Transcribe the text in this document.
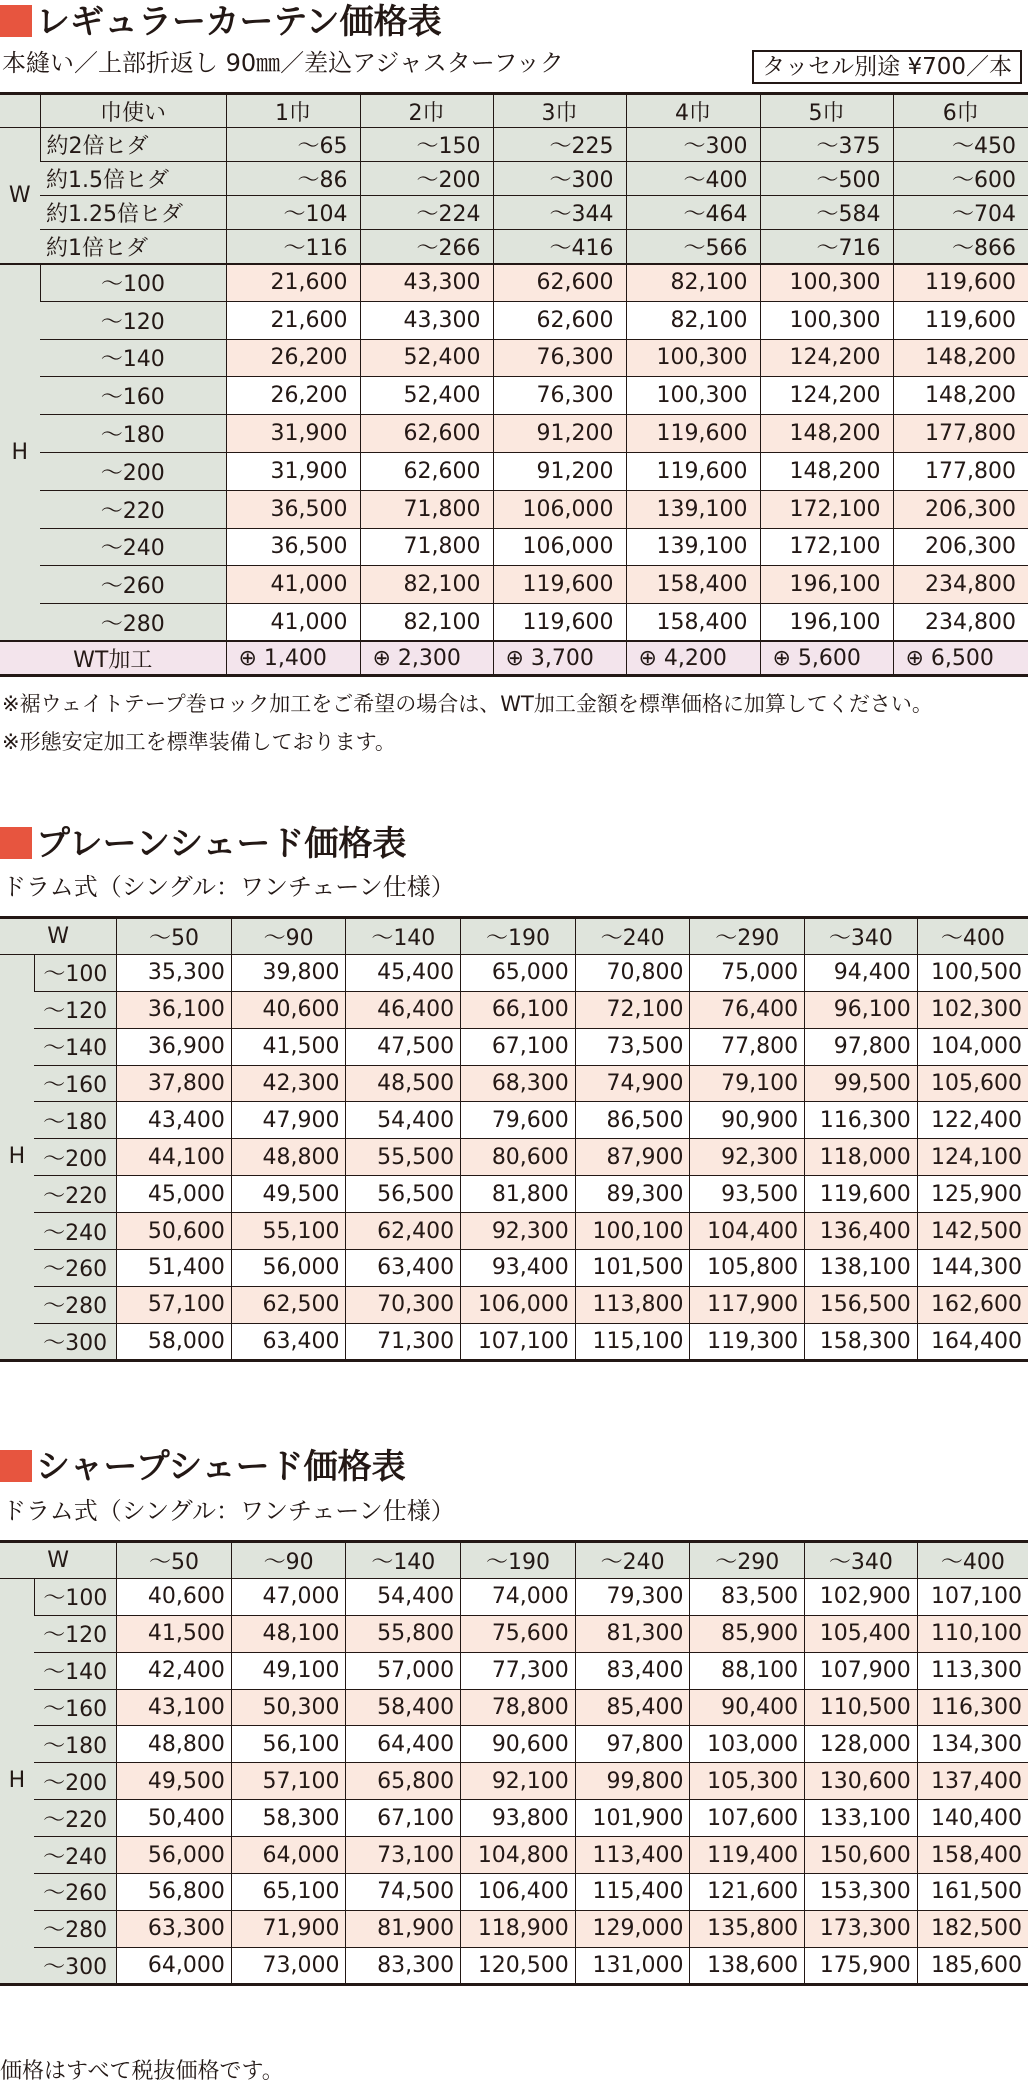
レギュラーカーテン価格表
本縫い／上部折返し 90㎜／差込アジャスターフック	タッセル別途 ¥700／本
	巾使い	1巾	2巾	3巾	4巾	5巾	6巾
W	約2倍ヒダ	～65	～150	～225	～300	～375	～450
	約1.5倍ヒダ	～86	～200	～300	～400	～500	～600
	約1.25倍ヒダ	～104	～224	～344	～464	～584	～704
	約1倍ヒダ	～116	～266	～416	～566	～716	～866
H	～100	21,600	43,300	62,600	82,100	100,300	119,600
	～120	21,600	43,300	62,600	82,100	100,300	119,600
	～140	26,200	52,400	76,300	100,300	124,200	148,200
	～160	26,200	52,400	76,300	100,300	124,200	148,200
	～180	31,900	62,600	91,200	119,600	148,200	177,800
	～200	31,900	62,600	91,200	119,600	148,200	177,800
	～220	36,500	71,800	106,000	139,100	172,100	206,300
	～240	36,500	71,800	106,000	139,100	172,100	206,300
	～260	41,000	82,100	119,600	158,400	196,100	234,800
	～280	41,000	82,100	119,600	158,400	196,100	234,800
WT加工		⊕ 1,400	⊕ 2,300	⊕ 3,700	⊕ 4,200	⊕ 5,600	⊕ 6,500
※裾ウェイトテープ巻ロック加工をご希望の場合は、WT加工金額を標準価格に加算してください。
※形態安定加工を標準装備しております。
プレーンシェード価格表
ドラム式（シングル：ワンチェーン仕様）
W		～50	～90	～140	～190	～240	～290	～340	～400
H	～100	35,300	39,800	45,400	65,000	70,800	75,000	94,400	100,500
	～120	36,100	40,600	46,400	66,100	72,100	76,400	96,100	102,300
	～140	36,900	41,500	47,500	67,100	73,500	77,800	97,800	104,000
	～160	37,800	42,300	48,500	68,300	74,900	79,100	99,500	105,600
	～180	43,400	47,900	54,400	79,600	86,500	90,900	116,300	122,400
	～200	44,100	48,800	55,500	80,600	87,900	92,300	118,000	124,100
	～220	45,000	49,500	56,500	81,800	89,300	93,500	119,600	125,900
	～240	50,600	55,100	62,400	92,300	100,100	104,400	136,400	142,500
	～260	51,400	56,000	63,400	93,400	101,500	105,800	138,100	144,300
	～280	57,100	62,500	70,300	106,000	113,800	117,900	156,500	162,600
	～300	58,000	63,400	71,300	107,100	115,100	119,300	158,300	164,400
シャープシェード価格表
ドラム式（シングル：ワンチェーン仕様）
W		～50	～90	～140	～190	～240	～290	～340	～400
H	～100	40,600	47,000	54,400	74,000	79,300	83,500	102,900	107,100
	～120	41,500	48,100	55,800	75,600	81,300	85,900	105,400	110,100
	～140	42,400	49,100	57,000	77,300	83,400	88,100	107,900	113,300
	～160	43,100	50,300	58,400	78,800	85,400	90,400	110,500	116,300
	～180	48,800	56,100	64,400	90,600	97,800	103,000	128,000	134,300
	～200	49,500	57,100	65,800	92,100	99,800	105,300	130,600	137,400
	～220	50,400	58,300	67,100	93,800	101,900	107,600	133,100	140,400
	～240	56,000	64,000	73,100	104,800	113,400	119,400	150,600	158,400
	～260	56,800	65,100	74,500	106,400	115,400	121,600	153,300	161,500
	～280	63,300	71,900	81,900	118,900	129,000	135,800	173,300	182,500
	～300	64,000	73,000	83,300	120,500	131,000	138,600	175,900	185,600
価格はすべて税抜価格です。
